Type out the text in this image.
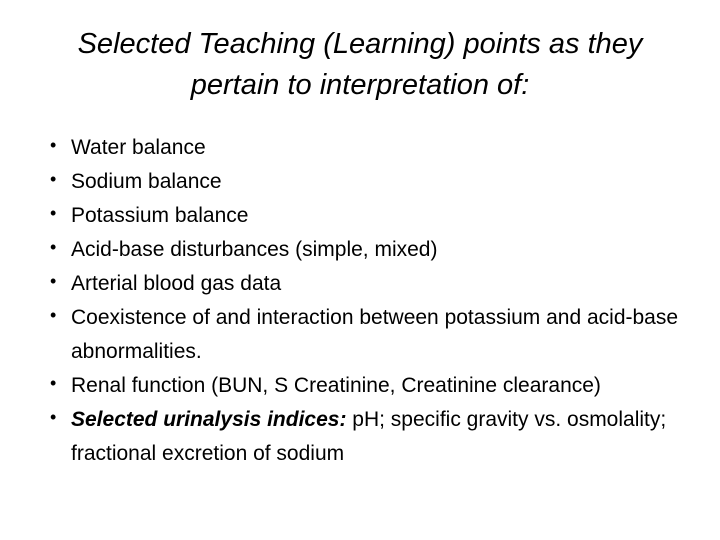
Selected Teaching (Learning) points as they
pertain to interpretation of:
• Water balance
• Sodium balance
• Potassium balance
• Acid-base disturbances (simple, mixed)
• Arterial blood gas data
• Coexistence of and interaction between potassium and acid-base abnormalities.
• Renal function (BUN, S Creatinine, Creatinine clearance)
• Selected urinalysis indices: pH; specific gravity vs. osmolality; fractional excretion of sodium
